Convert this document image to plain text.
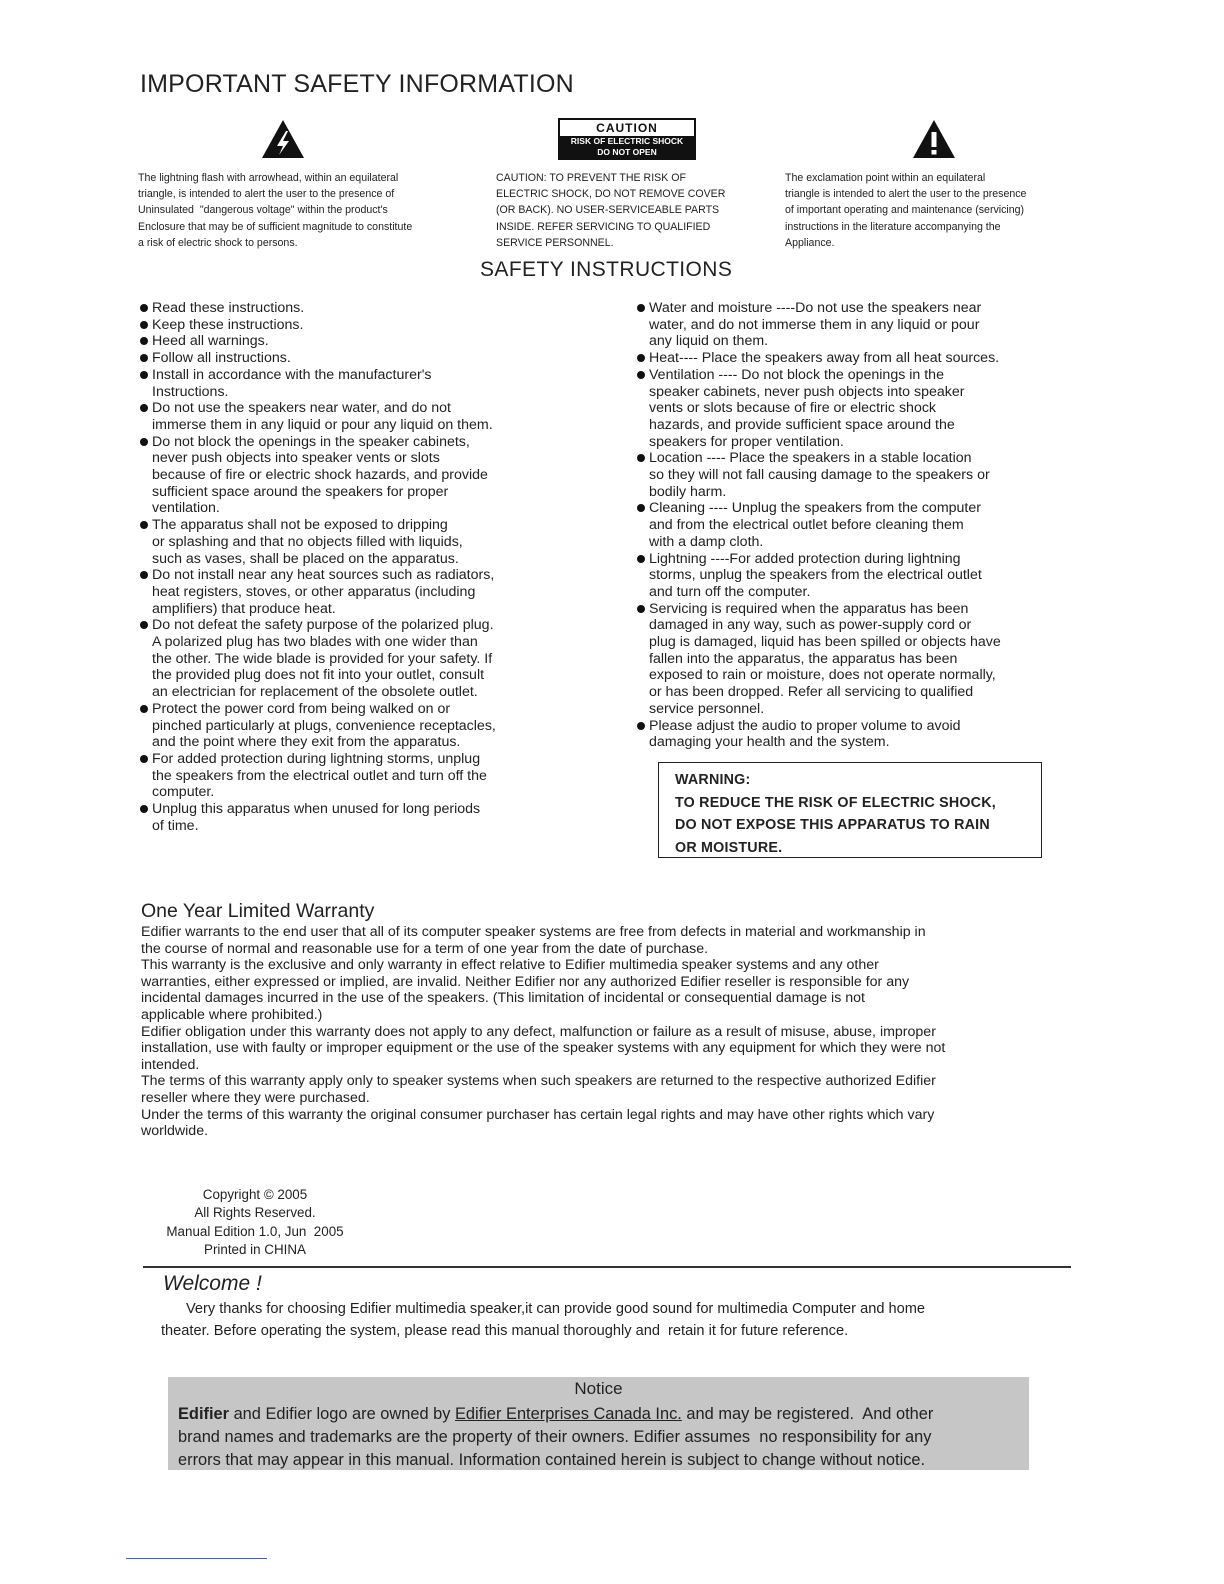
IMPORTANT SAFETY INFORMATION
CAUTION
RISK OF ELECTRIC SHOCK
DO NOT OPEN
The lightning flash with arrowhead, within an equilateral
triangle, is intended to alert the user to the presence of
Uninsulated  "dangerous voltage" within the product's
Enclosure that may be of sufficient magnitude to constitute
a risk of electric shock to persons.
CAUTION: TO PREVENT THE RISK OF
ELECTRIC SHOCK, DO NOT REMOVE COVER
(OR BACK). NO USER-SERVICEABLE PARTS
INSIDE. REFER SERVICING TO QUALIFIED
SERVICE PERSONNEL.
The exclamation point within an equilateral
triangle is intended to alert the user to the presence
of important operating and maintenance (servicing)
instructions in the literature accompanying the
Appliance.
SAFETY INSTRUCTIONS
Read these instructions.
Keep these instructions.
Heed all warnings.
Follow all instructions.
Install in accordance with the manufacturer's
Instructions.
Do not use the speakers near water, and do not
immerse them in any liquid or pour any liquid on them.
Do not block the openings in the speaker cabinets,
never push objects into speaker vents or slots
because of fire or electric shock hazards, and provide
sufficient space around the speakers for proper
ventilation.
The apparatus shall not be exposed to dripping
or splashing and that no objects filled with liquids,
such as vases, shall be placed on the apparatus.
Do not install near any heat sources such as radiators,
heat registers, stoves, or other apparatus (including
amplifiers) that produce heat.
Do not defeat the safety purpose of the polarized plug.
A polarized plug has two blades with one wider than
the other. The wide blade is provided for your safety. If
the provided plug does not fit into your outlet, consult
an electrician for replacement of the obsolete outlet.
Protect the power cord from being walked on or
pinched particularly at plugs, convenience receptacles,
and the point where they exit from the apparatus.
For added protection during lightning storms, unplug
the speakers from the electrical outlet and turn off the
computer.
Unplug this apparatus when unused for long periods
of time.
Water and moisture ----Do not use the speakers near
water, and do not immerse them in any liquid or pour
any liquid on them.
Heat---- Place the speakers away from all heat sources.
Ventilation ---- Do not block the openings in the
speaker cabinets, never push objects into speaker
vents or slots because of fire or electric shock
hazards, and provide sufficient space around the
speakers for proper ventilation.
Location ---- Place the speakers in a stable location
so they will not fall causing damage to the speakers or
bodily harm.
Cleaning ---- Unplug the speakers from the computer
and from the electrical outlet before cleaning them
with a damp cloth.
Lightning ----For added protection during lightning
storms, unplug the speakers from the electrical outlet
and turn off the computer.
Servicing is required when the apparatus has been
damaged in any way, such as power-supply cord or
plug is damaged, liquid has been spilled or objects have
fallen into the apparatus, the apparatus has been
exposed to rain or moisture, does not operate normally,
or has been dropped. Refer all servicing to qualified
service personnel.
Please adjust the audio to proper volume to avoid
damaging your health and the system.
WARNING:
TO REDUCE THE RISK OF ELECTRIC SHOCK,
DO NOT EXPOSE THIS APPARATUS TO RAIN
OR MOISTURE.
One Year Limited Warranty
Edifier warrants to the end user that all of its computer speaker systems are free from defects in material and workmanship in
the course of normal and reasonable use for a term of one year from the date of purchase.
This warranty is the exclusive and only warranty in effect relative to Edifier multimedia speaker systems and any other
warranties, either expressed or implied, are invalid. Neither Edifier nor any authorized Edifier reseller is responsible for any
incidental damages incurred in the use of the speakers. (This limitation of incidental or consequential damage is not
applicable where prohibited.)
Edifier obligation under this warranty does not apply to any defect, malfunction or failure as a result of misuse, abuse, improper
installation, use with faulty or improper equipment or the use of the speaker systems with any equipment for which they were not
intended.
The terms of this warranty apply only to speaker systems when such speakers are returned to the respective authorized Edifier
reseller where they were purchased.
Under the terms of this warranty the original consumer purchaser has certain legal rights and may have other rights which vary
worldwide.
Copyright © 2005
All Rights Reserved.
Manual Edition 1.0, Jun  2005
Printed in CHINA
Welcome !
Very thanks for choosing Edifier multimedia speaker,it can provide good sound for multimedia Computer and home
theater. Before operating the system, please read this manual thoroughly and  retain it for future reference.
Notice
Edifier and Edifier logo are owned by Edifier Enterprises Canada Inc. and may be registered.  And other
brand names and trademarks are the property of their owners. Edifier assumes  no responsibility for any
errors that may appear in this manual. Information contained herein is subject to change without notice.
